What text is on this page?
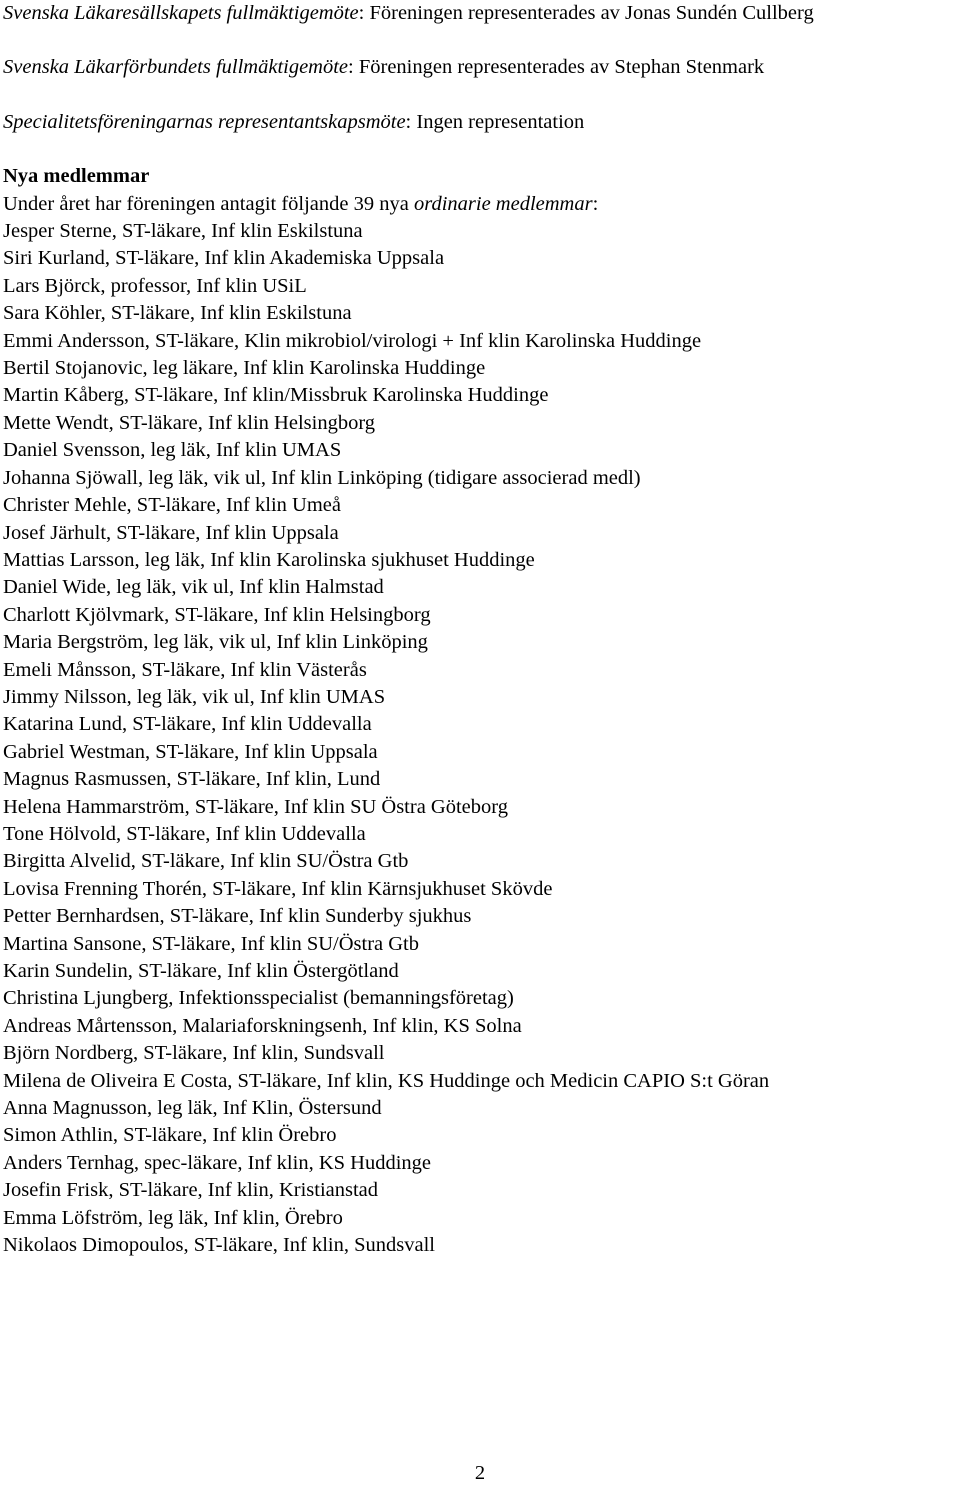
Svenska Läkaresällskapets fullmäktigemöte: Föreningen representerades av Jonas Sundén Cullberg

Svenska Läkarförbundets fullmäktigemöte: Föreningen representerades av Stephan Stenmark

Specialitetsföreningarnas representantskapsmöte: Ingen representation

Nya medlemmar

Under året har föreningen antagit följande 39 nya ordinarie medlemmar:

Jesper Sterne, ST-läkare, Inf klin Eskilstuna
Siri Kurland, ST-läkare, Inf klin Akademiska Uppsala
Lars Björck, professor, Inf klin USiL
Sara Köhler, ST-läkare, Inf klin Eskilstuna
Emmi Andersson, ST-läkare, Klin mikrobiol/virologi + Inf klin Karolinska Huddinge
Bertil Stojanovic, leg läkare, Inf klin Karolinska Huddinge
Martin Kåberg, ST-läkare, Inf klin/Missbruk Karolinska Huddinge
Mette Wendt, ST-läkare, Inf klin Helsingborg
Daniel Svensson, leg läk, Inf klin UMAS
Johanna Sjöwall, leg läk, vik ul, Inf klin Linköping (tidigare associerad medl)
Christer Mehle, ST-läkare, Inf klin Umeå
Josef Järhult, ST-läkare, Inf klin Uppsala
Mattias Larsson, leg läk, Inf klin Karolinska sjukhuset Huddinge
Daniel Wide, leg läk, vik ul, Inf klin Halmstad
Charlott Kjölvmark, ST-läkare, Inf klin Helsingborg
Maria Bergström, leg läk, vik ul, Inf klin Linköping
Emeli Månsson, ST-läkare, Inf klin Västerås
Jimmy Nilsson, leg läk, vik ul, Inf klin UMAS
Katarina Lund, ST-läkare, Inf klin Uddevalla
Gabriel Westman, ST-läkare, Inf klin Uppsala
Magnus Rasmussen, ST-läkare, Inf klin, Lund
Helena Hammarström, ST-läkare, Inf klin SU Östra Göteborg
Tone Hölvold, ST-läkare, Inf klin Uddevalla
Birgitta Alvelid, ST-läkare, Inf klin SU/Östra Gtb
Lovisa Frenning Thorén, ST-läkare, Inf klin Kärnsjukhuset Skövde
Petter Bernhardsen, ST-läkare, Inf klin Sunderby sjukhus
Martina Sansone, ST-läkare, Inf klin SU/Östra Gtb
Karin Sundelin, ST-läkare, Inf klin Östergötland
Christina Ljungberg, Infektionsspecialist (bemanningsföretag)
Andreas Mårtensson, Malariaforskningsenh, Inf klin, KS Solna
Björn Nordberg, ST-läkare, Inf klin, Sundsvall
Milena de Oliveira E Costa, ST-läkare, Inf klin, KS Huddinge och Medicin CAPIO S:t Göran
Anna Magnusson, leg läk, Inf Klin, Östersund
Simon Athlin, ST-läkare, Inf klin Örebro
Anders Ternhag, spec-läkare, Inf klin, KS Huddinge
Josefin Frisk, ST-läkare, Inf klin, Kristianstad
Emma Löfström, leg läk, Inf klin, Örebro
Nikolaos Dimopoulos, ST-läkare, Inf klin, Sundsvall
2
